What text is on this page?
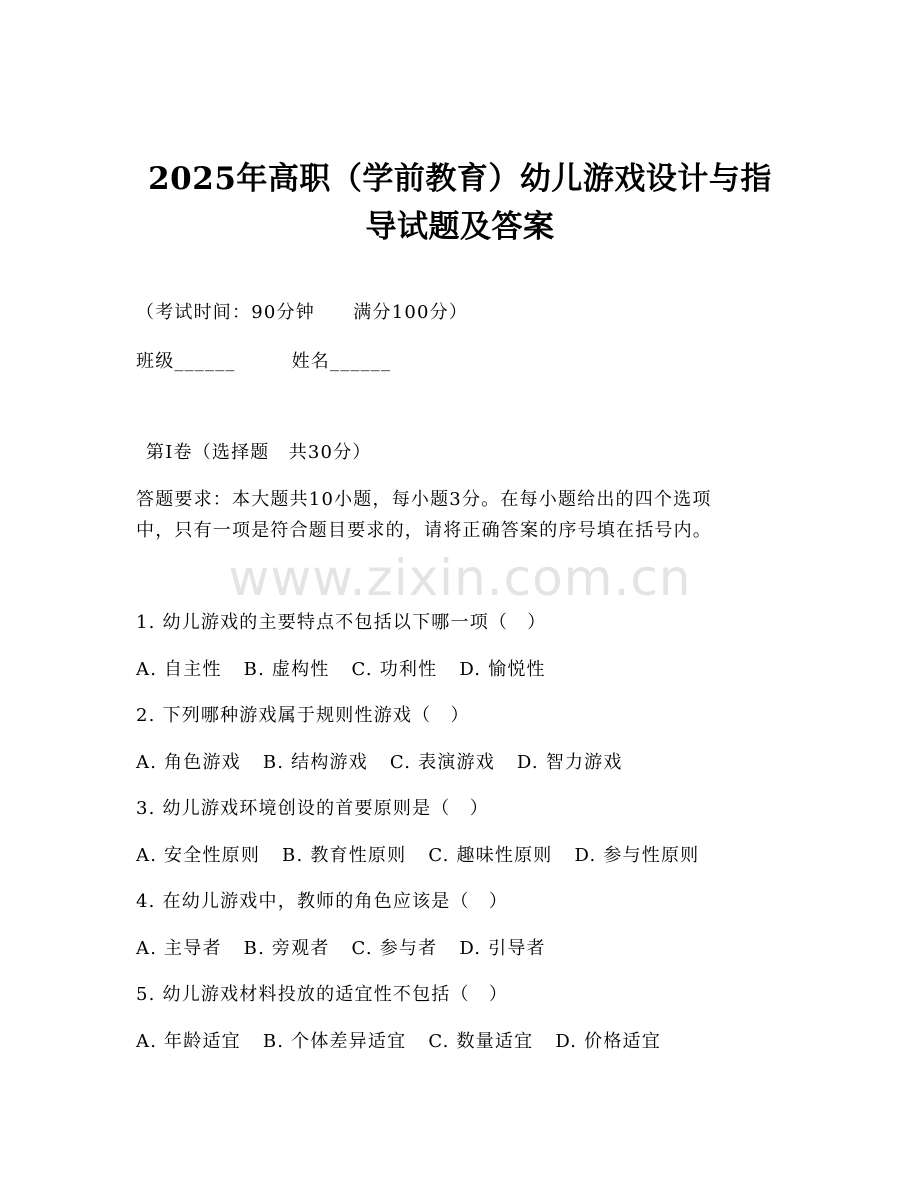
2025年高职（学前教育）幼儿游戏设计与指
导试题及答案
（考试时间：90分钟　　满分100分）
班级______	姓名______
第I卷（选择题　共30分）
答题要求：本大题共10小题，每小题3分。在每小题给出的四个选项
中，只有一项是符合题目要求的，请将正确答案的序号填在括号内。
www.zixin.com.cn
1. 幼儿游戏的主要特点不包括以下哪一项（　）
A. 自主性 B. 虚构性 C. 功利性 D. 愉悦性
2. 下列哪种游戏属于规则性游戏（　）
A. 角色游戏 B. 结构游戏 C. 表演游戏 D. 智力游戏
3. 幼儿游戏环境创设的首要原则是（　）
A. 安全性原则 B. 教育性原则 C. 趣味性原则 D. 参与性原则
4. 在幼儿游戏中，教师的角色应该是（　）
A. 主导者 B. 旁观者 C. 参与者 D. 引导者
5. 幼儿游戏材料投放的适宜性不包括（　）
A. 年龄适宜 B. 个体差异适宜 C. 数量适宜 D. 价格适宜
